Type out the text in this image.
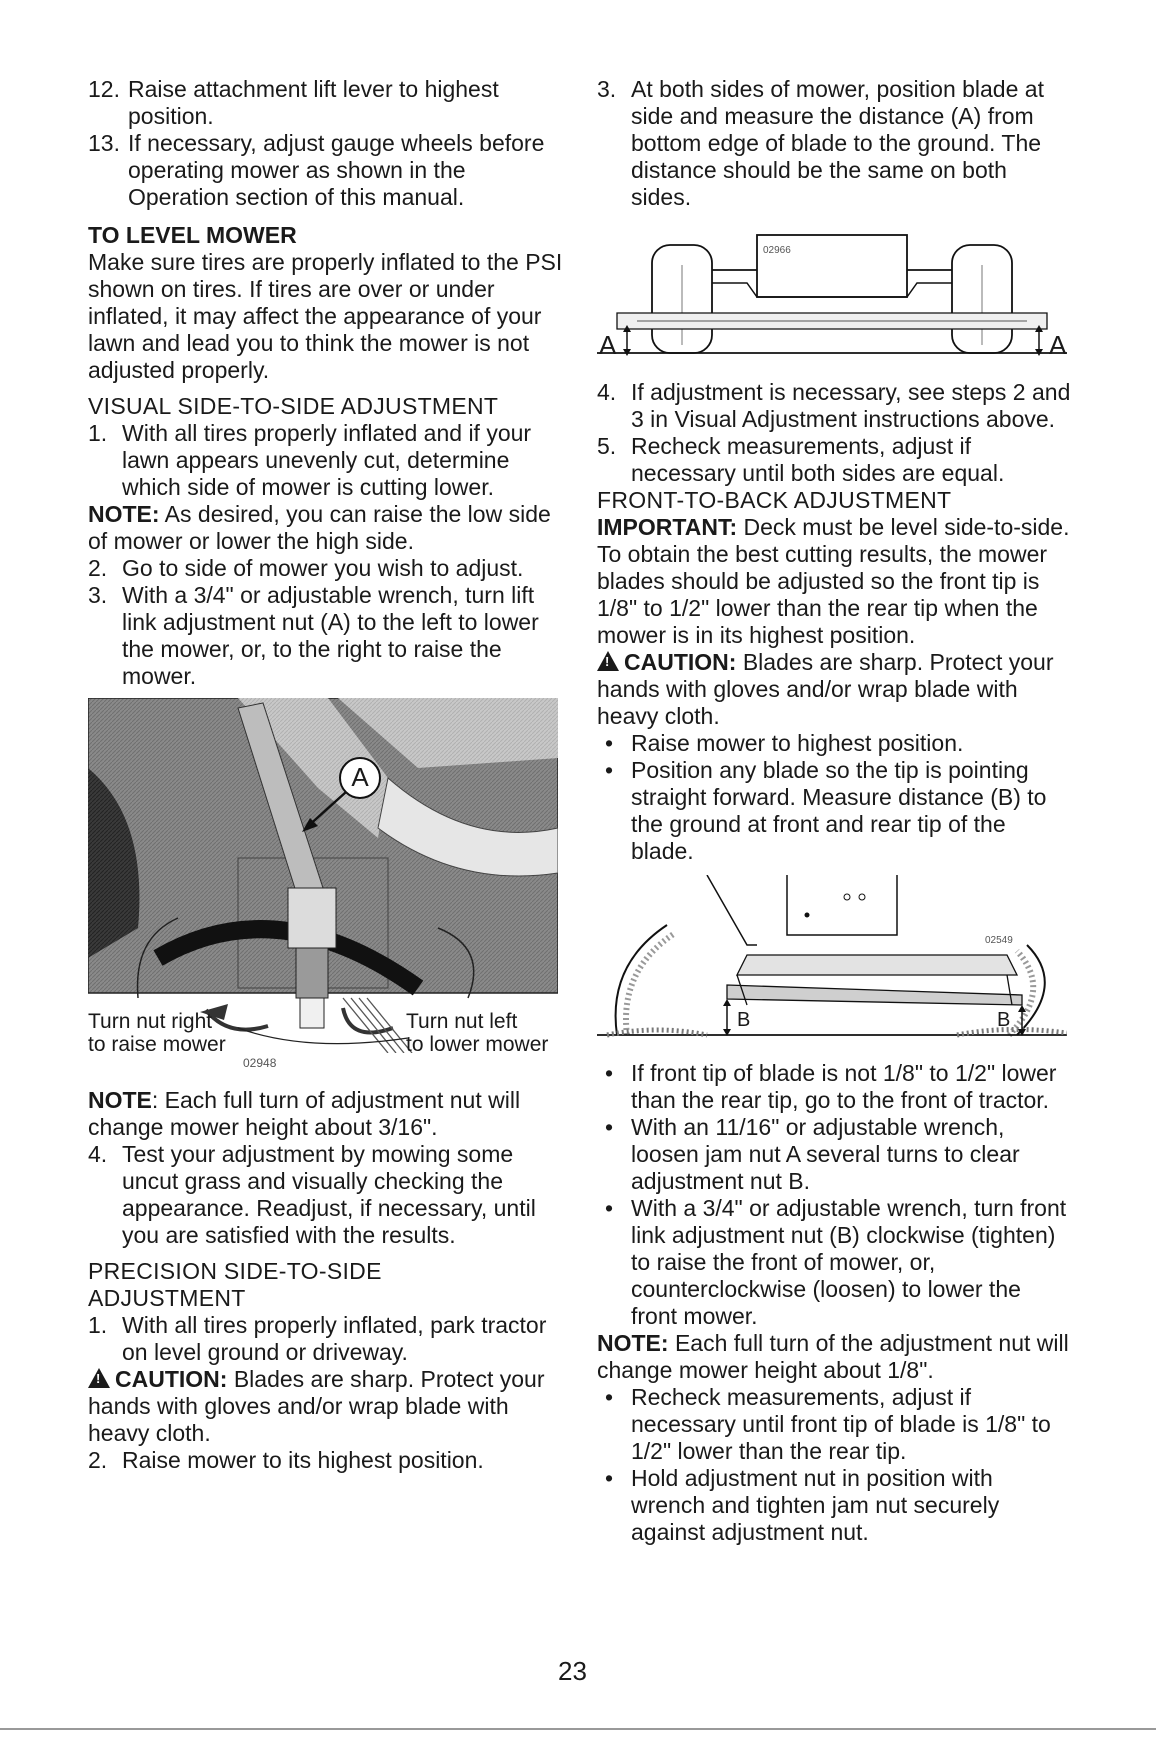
12. Raise attachment lift lever to highest position.
13. If necessary, adjust gauge wheels before operating mower as shown in the Operation section of this manual.

TO LEVEL MOWER

Make sure tires are properly inflated to the PSI shown on tires. If tires are over or under inflated, it may affect the appearance of your lawn and lead you to think the mower is not adjusted properly.

VISUAL SIDE-TO-SIDE ADJUSTMENT

1. With all tires properly inflated and if your lawn appears unevenly cut, determine which side of mower is cutting lower.

NOTE: As desired, you can raise the low side of mower or lower the high side.

2. Go to side of mower you wish to adjust.
3. With a 3/4" or adjustable wrench, turn lift link adjustment nut (A) to the left to lower the mower, or, to the right to raise the mower.
A
Turn nut right
to raise mower
Turn nut left
to lower mower
02948

NOTE: Each full turn of adjustment nut will change mower height about 3/16".

4. Test your adjustment by mowing some uncut grass and visually checking the appearance. Readjust, if necessary, until you are satisfied with the results.

PRECISION SIDE-TO-SIDE
ADJUSTMENT

1. With all tires properly inflated, park tractor on level ground or driveway.

!CAUTION: Blades are sharp. Protect your hands with gloves and/or wrap blade with heavy cloth.

2. Raise mower to its highest position.
3. At both sides of mower, position blade at side and measure the distance (A) from bottom edge of blade to the ground. The distance should be the same on both sides.
02966
A	A
4. If adjustment is necessary, see steps 2 and 3 in Visual Adjustment instructions above.
5. Recheck measurements, adjust if necessary until both sides are equal.

FRONT-TO-BACK ADJUSTMENT

IMPORTANT: Deck must be level side-to-side.

To obtain the best cutting results, the mower blades should be adjusted so the front tip is 1/8" to 1/2" lower than the rear tip when the mower is in its highest position.

!CAUTION: Blades are sharp. Protect your hands with gloves and/or wrap blade with heavy cloth.

• Raise mower to highest position.
• Position any blade so the tip is pointing straight forward. Measure distance (B) to the ground at front and rear tip of the blade.
02549
B	B
• If front tip of blade is not 1/8" to 1/2" lower than the rear tip, go to the front of tractor.
• With an 11/16" or adjustable wrench, loosen jam nut A several turns to clear adjustment nut B.
• With a 3/4" or adjustable wrench, turn front link adjustment nut (B) clockwise (tighten) to raise the front of mower, or, counterclockwise (loosen) to lower the front mower.

NOTE: Each full turn of the adjustment nut will change mower height about 1/8".

• Recheck measurements, adjust if necessary until front tip of blade is 1/8" to 1/2" lower than the rear tip.
• Hold adjustment nut in position with wrench and tighten jam nut securely against adjustment nut.
23
